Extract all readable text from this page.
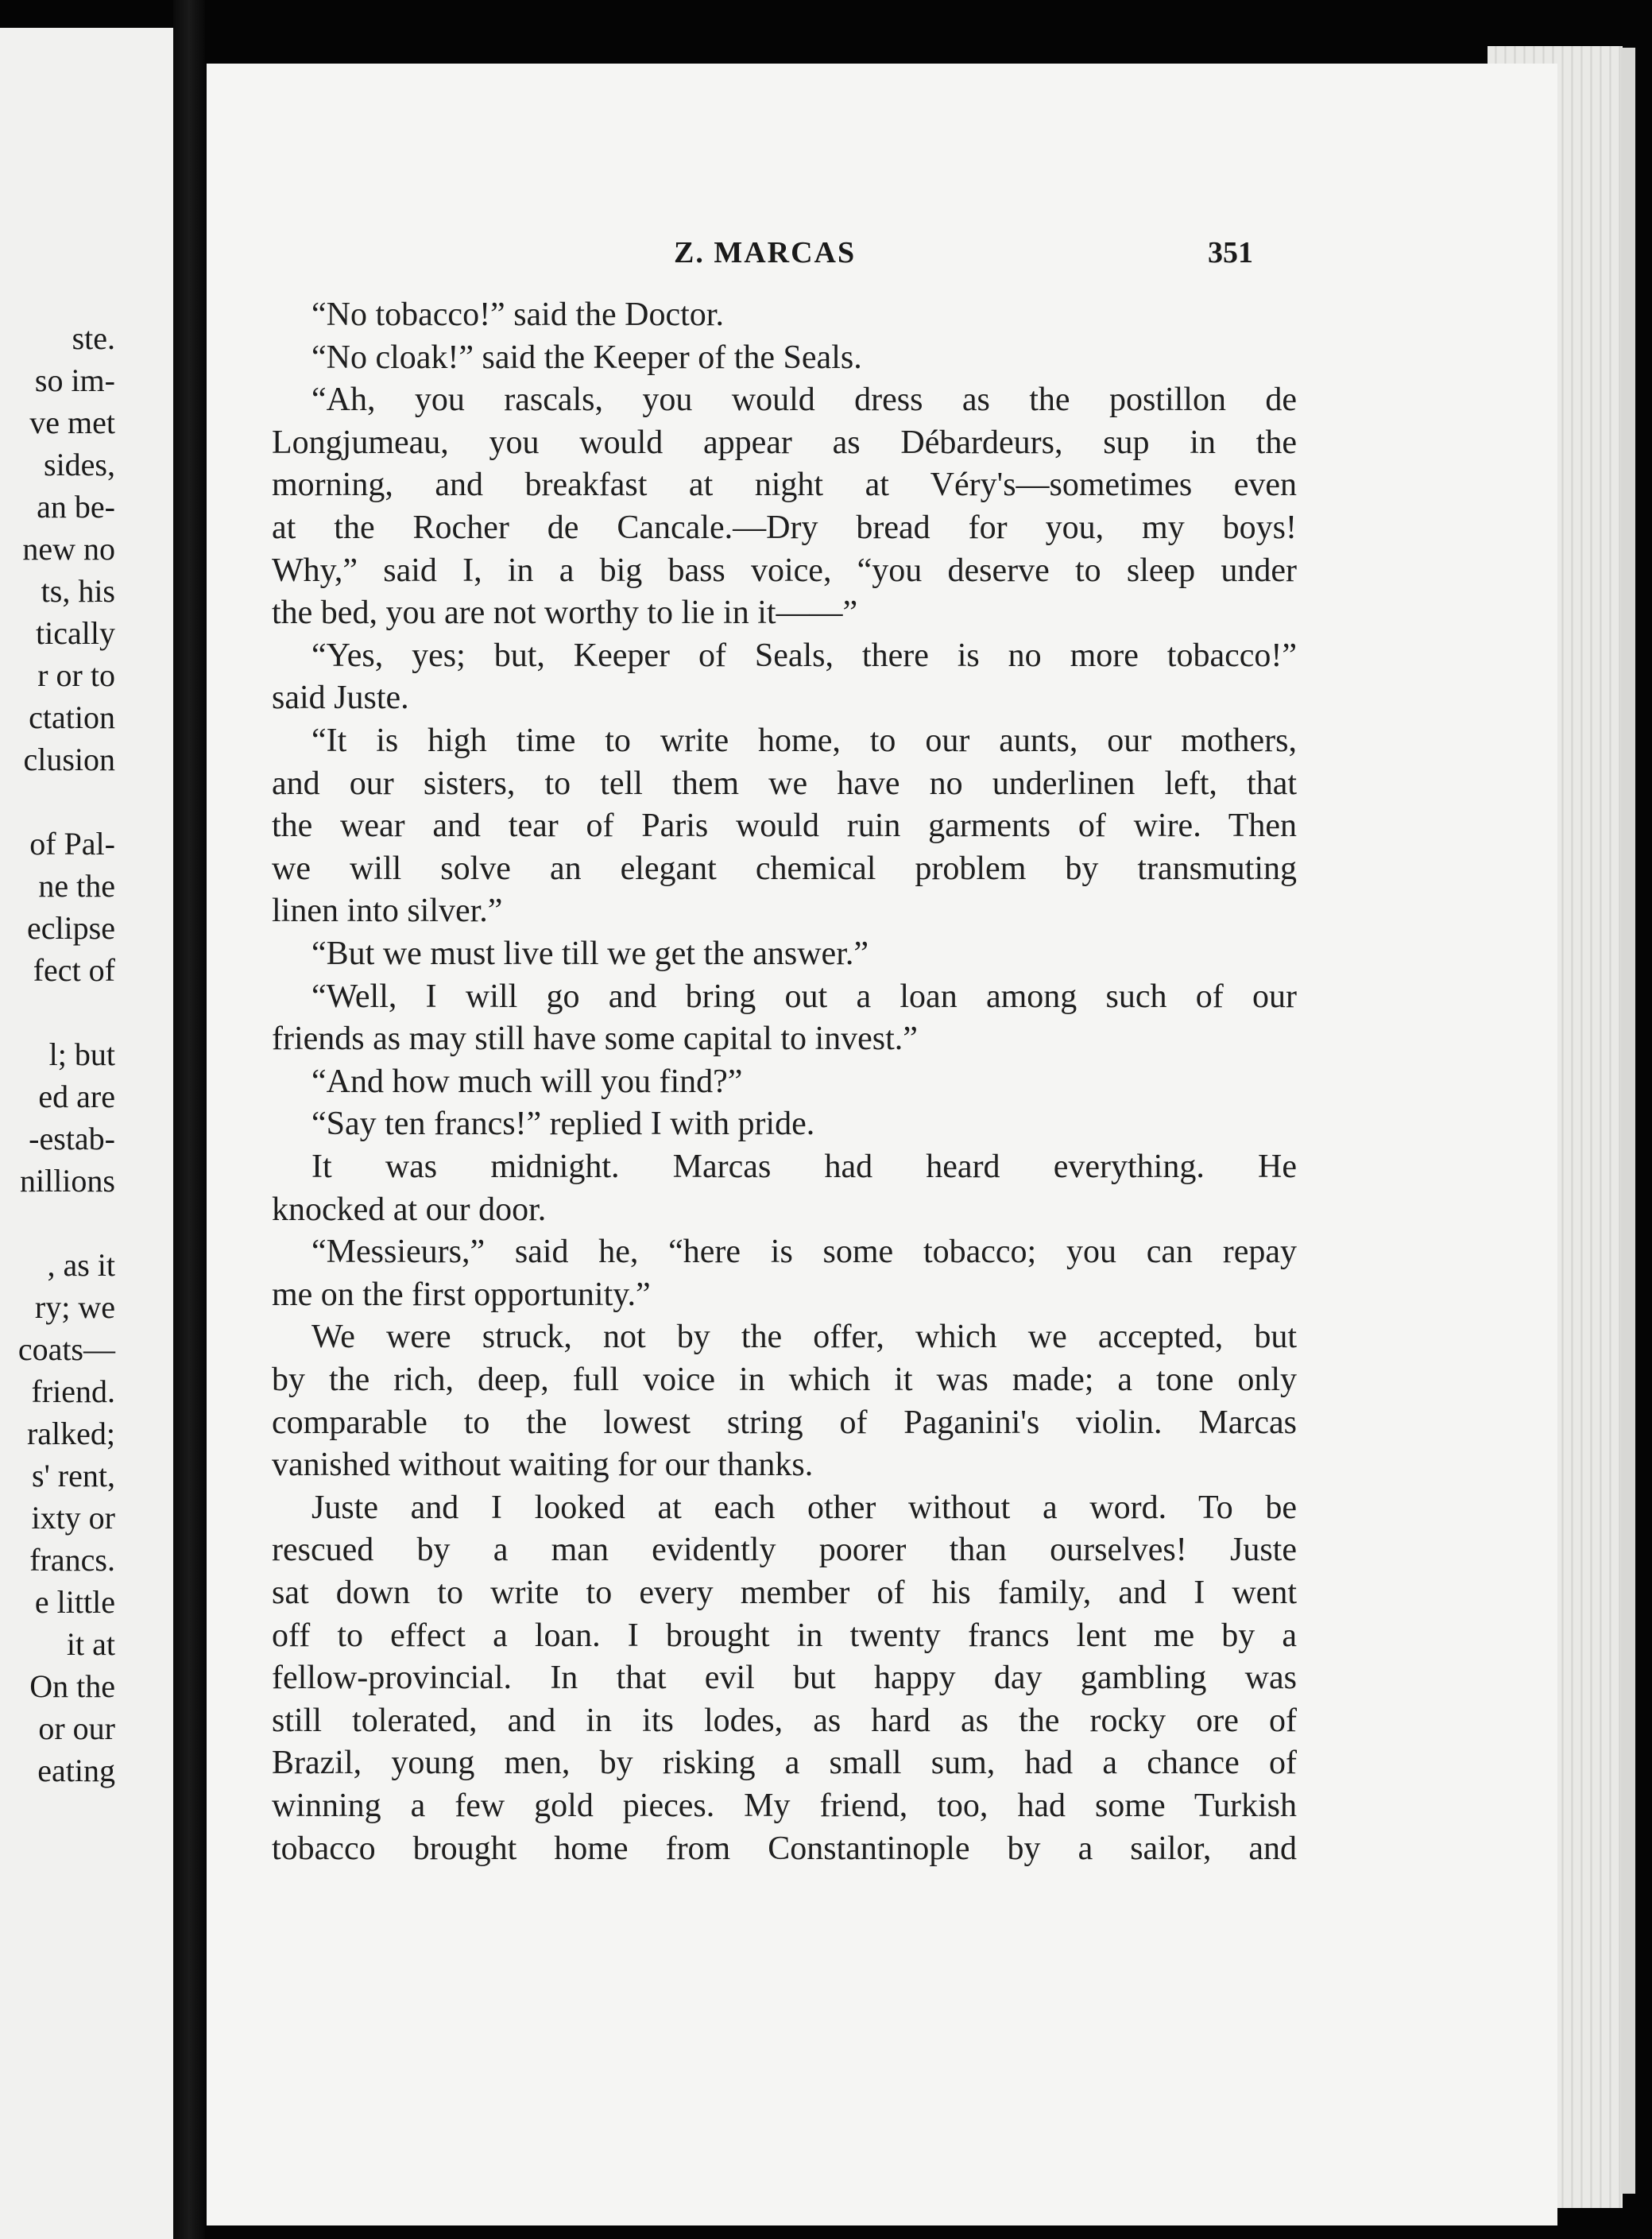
ste.
so im-
ve met
sides,
an be-
new no
ts, his
tically
r or to
ctation
clusion
of Pal-
ne the
eclipse
fect of
l; but
ed are
-estab-
nillions
, as it
ry; we
coats—
friend.
ralked;
s' rent,
ixty or
francs.
e little
it at
On the
or our
eating
Z. MARCAS	351
“No tobacco!” said the Doctor.
“No cloak!” said the Keeper of the Seals.
“Ah, you rascals, you would dress as the postillon de
Longjumeau, you would appear as Débardeurs, sup in the
morning, and breakfast at night at Véry's—sometimes even
at the Rocher de Cancale.—Dry bread for you, my boys!
Why,” said I, in a big bass voice, “you deserve to sleep under
the bed, you are not worthy to lie in it——”
“Yes, yes; but, Keeper of Seals, there is no more tobacco!”
said Juste.
“It is high time to write home, to our aunts, our mothers,
and our sisters, to tell them we have no underlinen left, that
the wear and tear of Paris would ruin garments of wire. Then
we will solve an elegant chemical problem by transmuting
linen into silver.”
“But we must live till we get the answer.”
“Well, I will go and bring out a loan among such of our
friends as may still have some capital to invest.”
“And how much will you find?”
“Say ten francs!” replied I with pride.
It was midnight. Marcas had heard everything. He
knocked at our door.
“Messieurs,” said he, “here is some tobacco; you can repay
me on the first opportunity.”
We were struck, not by the offer, which we accepted, but
by the rich, deep, full voice in which it was made; a tone only
comparable to the lowest string of Paganini's violin. Marcas
vanished without waiting for our thanks.
Juste and I looked at each other without a word. To be
rescued by a man evidently poorer than ourselves! Juste
sat down to write to every member of his family, and I went
off to effect a loan. I brought in twenty francs lent me by a
fellow-provincial. In that evil but happy day gambling was
still tolerated, and in its lodes, as hard as the rocky ore of
Brazil, young men, by risking a small sum, had a chance of
winning a few gold pieces. My friend, too, had some Turkish
tobacco brought home from Constantinople by a sailor, and
